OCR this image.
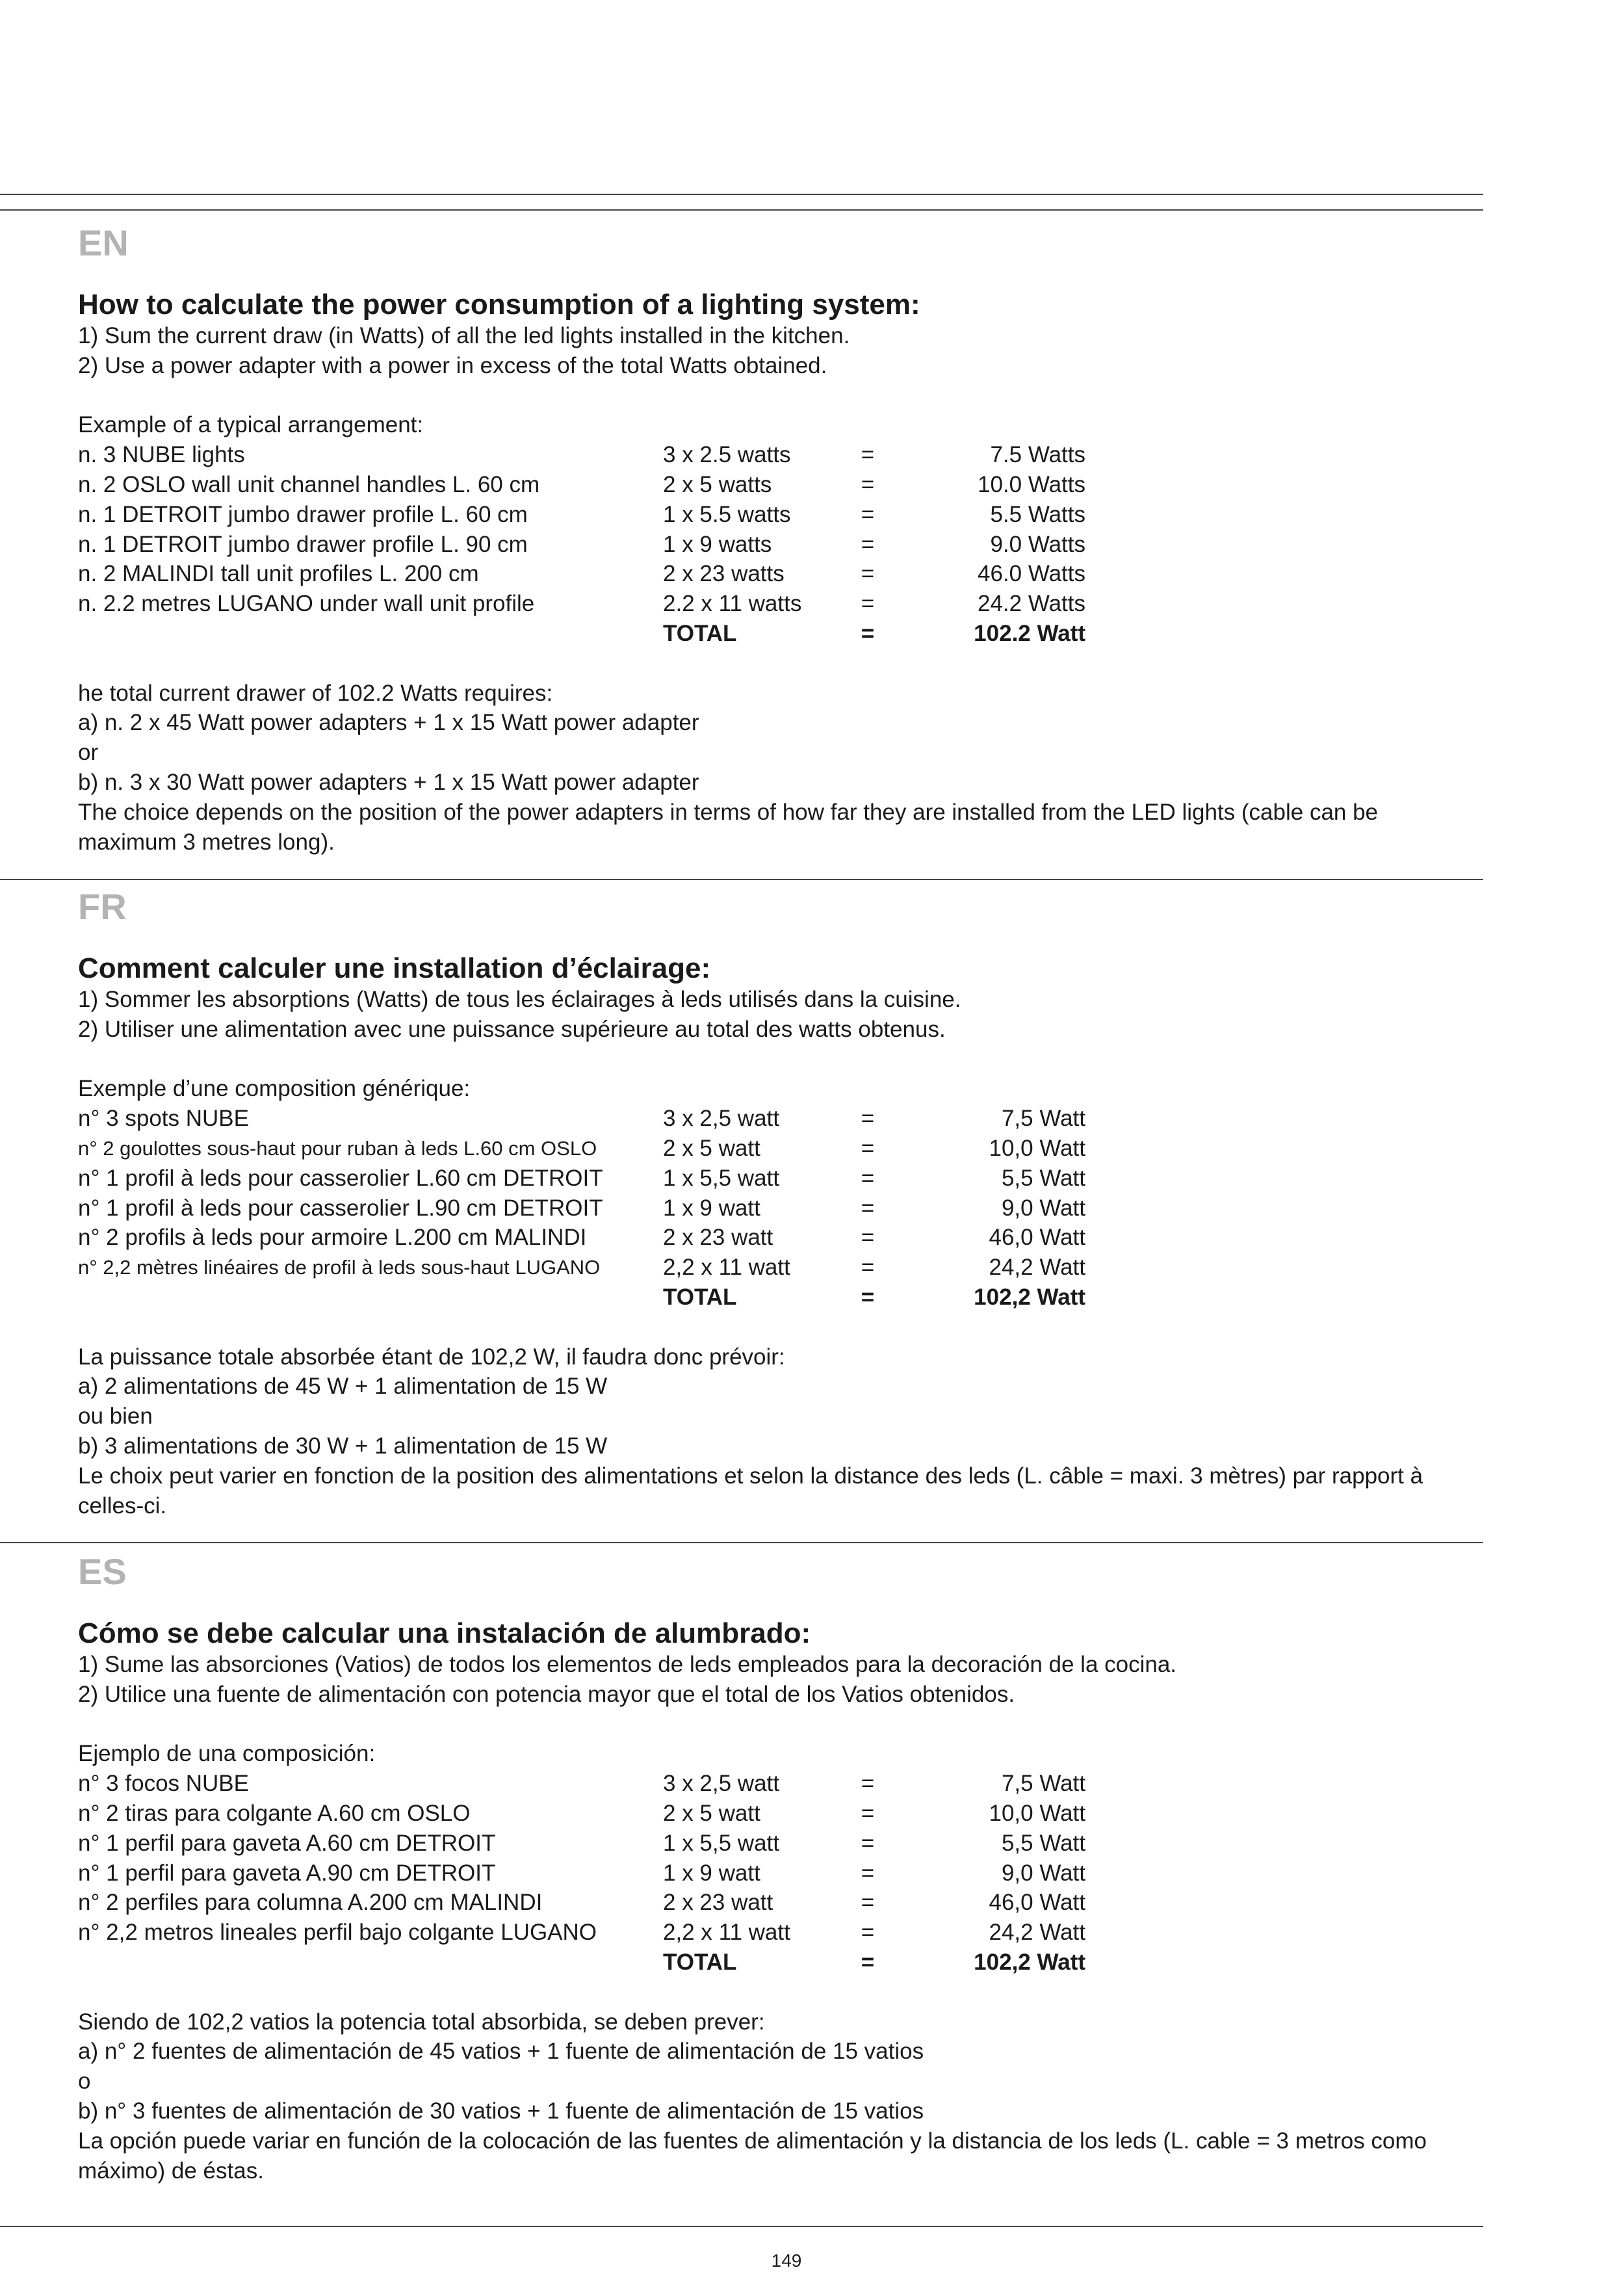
EN
How to calculate the power consumption of a lighting system:
1) Sum the current draw (in Watts) of all the led lights installed in the kitchen.
2) Use a power adapter with a power in excess of the total Watts obtained.
Example of a typical arrangement:
n. 3 NUBE lights	3 x 2.5 watts	=	7.5 Watts
n. 2 OSLO wall unit channel handles L. 60 cm	2 x 5 watts	=	10.0 Watts
n. 1 DETROIT jumbo drawer profile L. 60 cm	1 x 5.5 watts	=	5.5 Watts
n. 1 DETROIT jumbo drawer profile L. 90 cm	1 x 9 watts	=	9.0 Watts
n. 2 MALINDI tall unit profiles L. 200 cm	2 x 23 watts	=	46.0 Watts
n. 2.2 metres LUGANO under wall unit profile	2.2 x 11 watts	=	24.2 Watts
	TOTAL	=	102.2 Watt
he total current drawer of 102.2 Watts requires:
a) n. 2 x 45 Watt power adapters + 1 x 15 Watt power adapter
or
b) n. 3 x 30 Watt power adapters + 1 x 15 Watt power adapter
The choice depends on the position of the power adapters in terms of how far they are installed from the LED lights (cable can be maximum 3 metres long).
FR
Comment calculer une installation d’éclairage:
1) Sommer les absorptions (Watts) de tous les éclairages à leds utilisés dans la cuisine.
2) Utiliser une alimentation avec une puissance supérieure au total des watts obtenus.
Exemple d’une composition générique:
n° 3 spots NUBE	3 x 2,5 watt	=	7,5 Watt
n° 2 goulottes sous-haut pour ruban à leds L.60 cm OSLO	2 x 5 watt	=	10,0 Watt
n° 1 profil à leds pour casserolier L.60 cm DETROIT	1 x 5,5 watt	=	5,5 Watt
n° 1 profil à leds pour casserolier L.90 cm DETROIT	1 x 9 watt	=	9,0 Watt
n° 2 profils à leds pour armoire L.200 cm MALINDI	2 x 23 watt	=	46,0 Watt
n° 2,2 mètres linéaires de profil à leds sous-haut LUGANO	2,2 x 11 watt	=	24,2 Watt
	TOTAL	=	102,2 Watt
La puissance totale absorbée étant de 102,2 W, il faudra donc prévoir:
a) 2 alimentations de 45 W + 1 alimentation de 15 W
ou bien
b) 3 alimentations de 30 W + 1 alimentation de 15 W
Le choix peut varier en fonction de la position des alimentations et selon la distance des leds (L. câble = maxi. 3 mètres) par rapport à celles-ci.
ES
Cómo se debe calcular una instalación de alumbrado:
1) Sume las absorciones (Vatios) de todos los elementos de leds empleados para la decoración de la cocina.
2) Utilice una fuente de alimentación con potencia mayor que el total de los Vatios obtenidos.
Ejemplo de una composición:
n° 3 focos NUBE	3 x 2,5 watt	=	7,5 Watt
n° 2 tiras para colgante A.60 cm OSLO	2 x 5 watt	=	10,0 Watt
n° 1 perfil para gaveta A.60 cm DETROIT	1 x 5,5 watt	=	5,5 Watt
n° 1 perfil para gaveta A.90 cm DETROIT	1 x 9 watt	=	9,0 Watt
n° 2 perfiles para columna A.200 cm MALINDI	2 x 23 watt	=	46,0 Watt
n° 2,2 metros lineales perfil bajo colgante LUGANO	2,2 x 11 watt	=	24,2 Watt
	TOTAL	=	102,2 Watt
Siendo de 102,2 vatios la potencia total absorbida, se deben prever:
a) n° 2 fuentes de alimentación de 45 vatios + 1 fuente de alimentación de 15 vatios
o
b) n° 3 fuentes de alimentación de 30 vatios + 1 fuente de alimentación de 15 vatios
La opción puede variar en función de la colocación de las fuentes de alimentación y la distancia de los leds (L. cable = 3 metros como máximo) de éstas.
149
